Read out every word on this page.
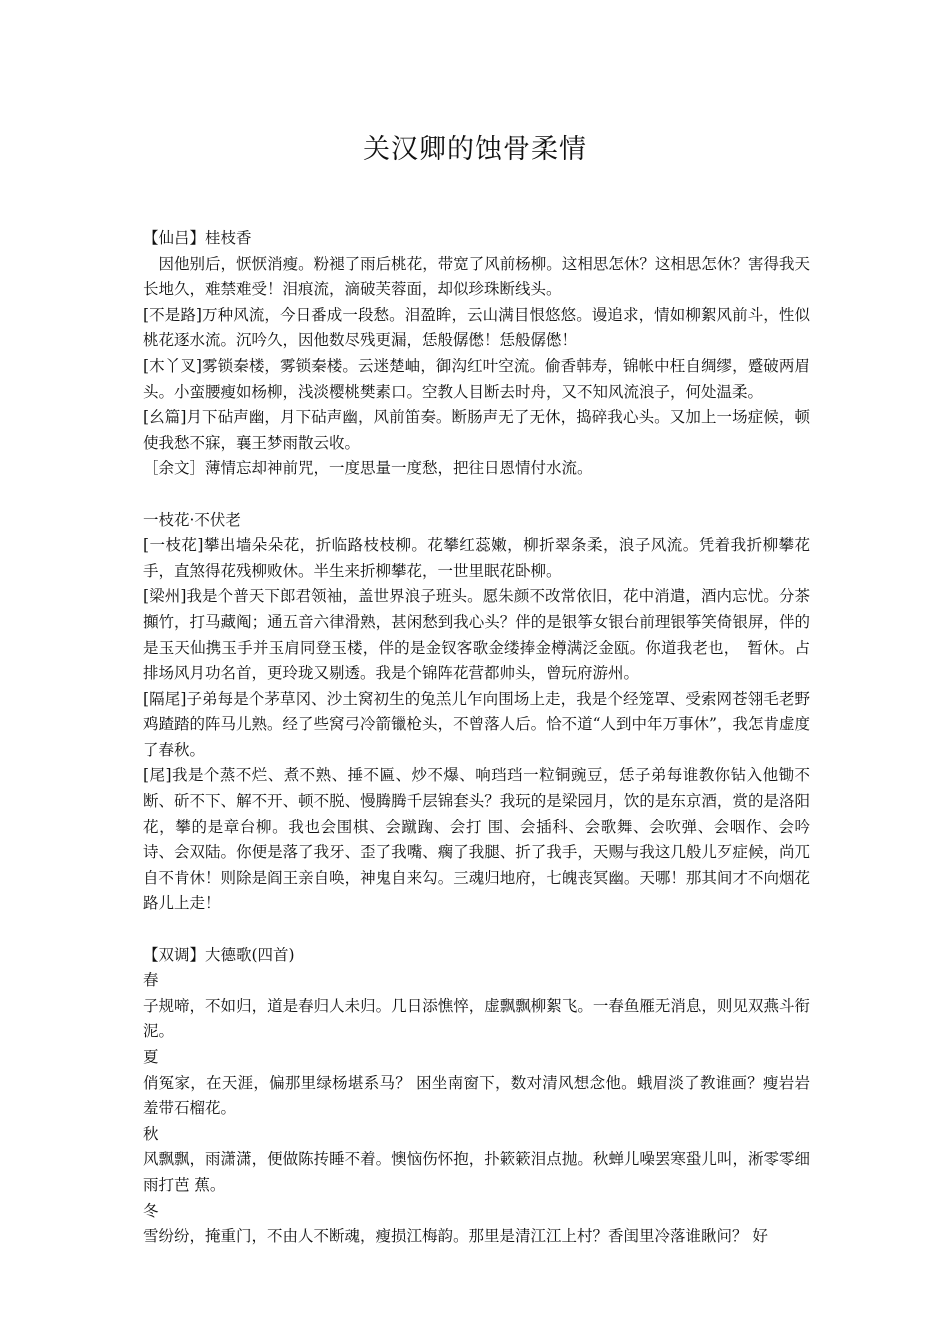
关汉卿的蚀骨柔情

【仙吕】桂枝香

　因他别后，恹恹消瘦。粉褪了雨后桃花，带宽了风前杨柳。这相思怎休？这相思怎休？害得我天长地久，难禁难受！泪痕流，滴破芙蓉面，却似珍珠断线头。

[不是路]万种风流，今日番成一段愁。泪盈眸，云山满目恨悠悠。谩追求，情如柳絮风前斗，性似桃花逐水流。沉吟久，因他数尽残更漏，恁般僝僽！恁般僝僽！

[木丫叉]雾锁秦楼，雾锁秦楼。云迷楚岫，御沟红叶空流。偷香韩寿，锦帐中枉自绸缪，蹙破两眉头。小蛮腰瘦如杨柳，浅淡樱桃樊素口。空教人目断去时舟，又不知风流浪子，何处温柔。

[幺篇]月下砧声幽，月下砧声幽，风前笛奏。断肠声无了无休，捣碎我心头。又加上一场症候，顿使我愁不寐，襄王梦雨散云收。

［余文］薄情忘却神前咒，一度思量一度愁，把往日恩情付水流。

一枝花·不伏老

[一枝花]攀出墙朵朵花，折临路枝枝柳。花攀红蕊嫩，柳折翠条柔，浪子风流。凭着我折柳攀花手，直煞得花残柳败休。半生来折柳攀花，一世里眠花卧柳。

[梁州]我是个普天下郎君领袖，盖世界浪子班头。愿朱颜不改常依旧，花中消遣，酒内忘忧。分茶攧竹，打马藏阄；通五音六律滑熟，甚闲愁到我心头？伴的是银筝女银台前理银筝笑倚银屏，伴的是玉天仙携玉手并玉肩同登玉楼，伴的是金钗客歌金缕捧金樽满泛金瓯。你道我老也，　暂休。占排场风月功名首，更玲珑又剔透。我是个锦阵花营都帅头，曾玩府游州。

[隔尾]子弟每是个茅草冈、沙土窝初生的兔羔儿乍向围场上走，我是个经笼罩、受索网苍翎毛老野鸡蹅踏的阵马儿熟。经了些窝弓冷箭镴枪头，不曾落人后。恰不道“人到中年万事休”，我怎肯虚度了春秋。

[尾]我是个蒸不烂、煮不熟、捶不匾、炒不爆、响珰珰一粒铜豌豆，恁子弟每谁教你钻入他锄不断、斫不下、解不开、顿不脱、慢腾腾千层锦套头？我玩的是梁园月，饮的是东京酒，赏的是洛阳花，攀的是章台柳。我也会围棋、会蹴踘、会打 围、会插科、会歌舞、会吹弹、会咽作、会吟诗、会双陆。你便是落了我牙、歪了我嘴、瘸了我腿、折了我手，天赐与我这几般儿歹症候，尚兀自不肯休！则除是阎王亲自唤，神鬼自来勾。三魂归地府，七魄丧冥幽。天哪！那其间才不向烟花路儿上走！

【双调】大德歌(四首)

春

子规啼，不如归，道是春归人未归。几日添憔悴，虚飘飘柳絮飞。一春鱼雁无消息，则见双燕斗衔泥。

夏

俏冤家，在天涯，偏那里绿杨堪系马？ 困坐南窗下，数对清风想念他。蛾眉淡了教谁画？瘦岩岩羞带石榴花。

秋

风飘飘，雨潇潇，便做陈抟睡不着。懊恼伤怀抱，扑簌簌泪点抛。秋蝉儿噪罢寒蛩儿叫，淅零零细雨打芭 蕉。

冬

雪纷纷，掩重门，不由人不断魂，瘦损江梅韵。那里是清江江上村？香闺里冷落谁瞅问？ 好
